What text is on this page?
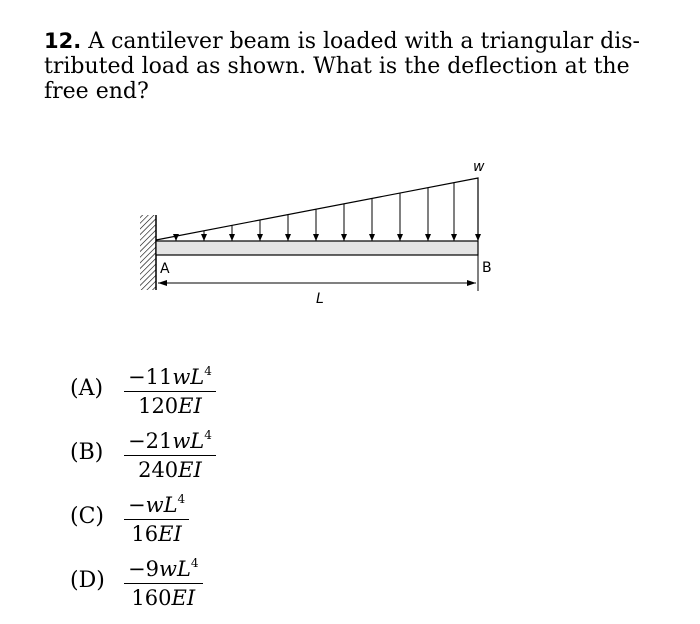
12. A cantilever beam is loaded with a triangular dis-
tributed load as shown. What is the deflection at the
free end?
w
A	B
L
$(A) \frac{-11wL^4}{120EI}$
$(B) \frac{-21wL^4}{240EI}$
$(C) \frac{-wL^4}{16EI}$
$(D) \frac{-9wL^4}{160EI}$
